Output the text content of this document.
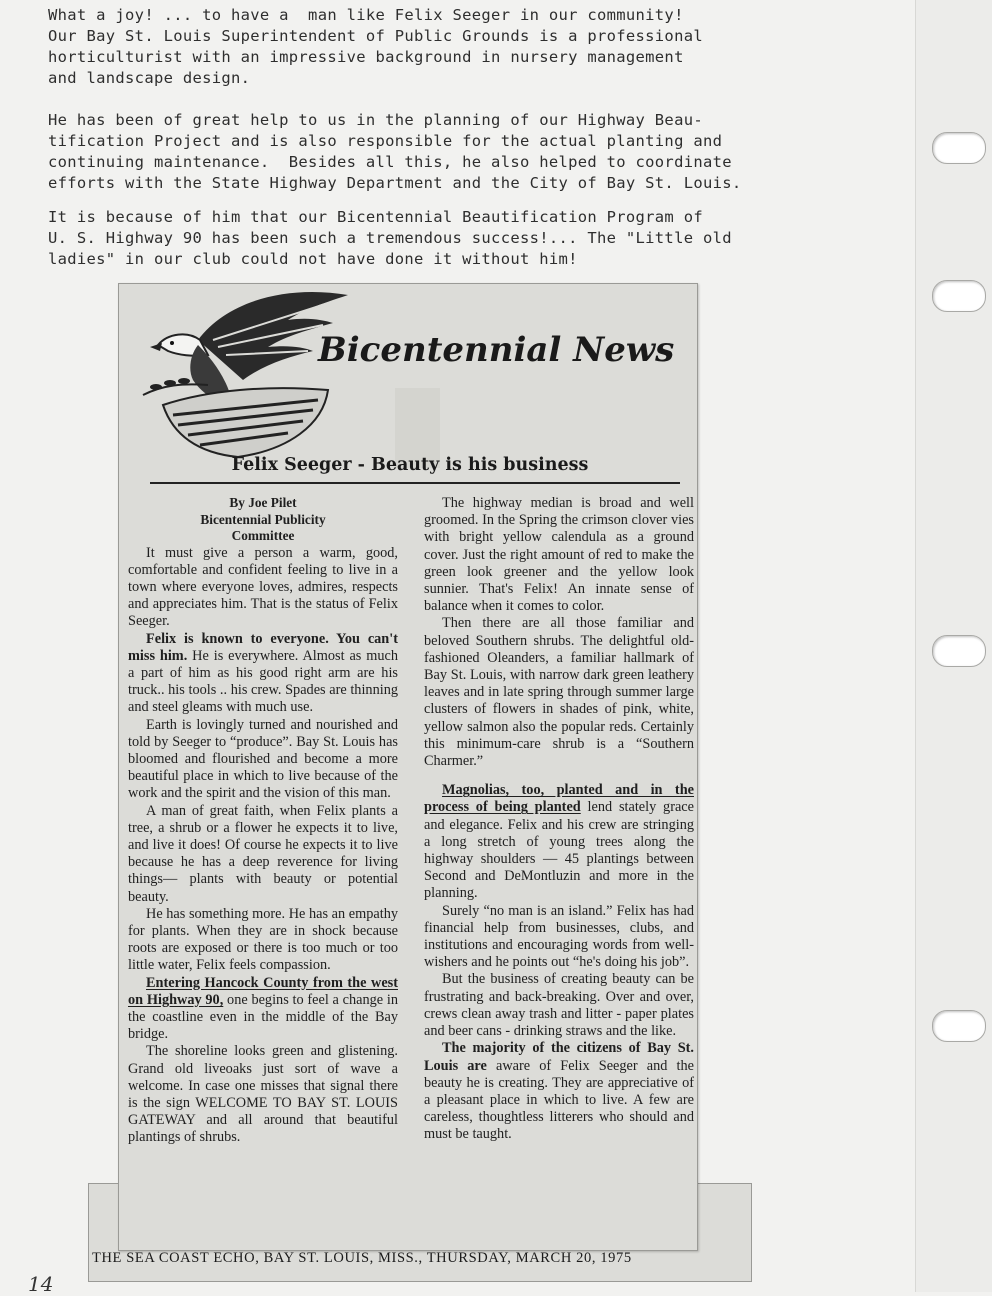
What a joy! ... to have a  man like Felix Seeger in our community!

Our Bay St. Louis Superintendent of Public Grounds is a professional

horticulturist with an impressive background in nursery management

and landscape design.

He has been of great help to us in the planning of our Highway Beau-

tification Project and is also responsible for the actual planting and

continuing maintenance.  Besides all this, he also helped to coordinate

efforts with the State Highway Department and the City of Bay St. Louis.

It is because of him that our Bicentennial Beautification Program of

U. S. Highway 90 has been such a tremendous success!... The "Little old

ladies" in our club could not have done it without him!

Bicentennial News
Felix Seeger - Beauty is his business

By Joe Pilet
Bicentennial Publicity
Committee

It must give a person a warm, good, comfortable and confident feeling to live in a town where everyone loves, admires, respects and appreciates him. That is the status of Felix Seeger.

Felix is known to everyone. You can't miss him. He is everywhere. Almost as much a part of him as his good right arm are his truck.. his tools .. his crew. Spades are thinning and steel gleams with much use.

Earth is lovingly turned and nourished and told by Seeger to “produce”. Bay St. Louis has bloomed and flourished and become a more beautiful place in which to live because of the work and the spirit and the vision of this man.

A man of great faith, when Felix plants a tree, a shrub or a flower he expects it to live, and live it does! Of course he expects it to live because he has a deep reverence for living things— plants with beauty or potential beauty.

He has something more. He has an empathy for plants. When they are in shock because roots are exposed or there is too much or too little water, Felix feels compassion.

Entering Hancock County from the west on Highway 90, one begins to feel a change in the coastline even in the middle of the Bay bridge.

The shoreline looks green and glistening. Grand old liveoaks just sort of wave a welcome. In case one misses that signal there is the sign WELCOME TO BAY ST. LOUIS GATEWAY and all around that beautiful plantings of shrubs.

The highway median is broad and well groomed. In the Spring the crimson clover vies with bright yellow calendula as a ground cover. Just the right amount of red to make the green look greener and the yellow look sunnier. That's Felix! An innate sense of balance when it comes to color.

Then there are all those familiar and beloved Southern shrubs. The delightful old-fashioned Oleanders, a familiar hallmark of Bay St. Louis, with narrow dark green leathery leaves and in late spring through summer large clusters of flowers in shades of pink, white, yellow salmon also the popular reds. Certainly this minimum-care shrub is a “Southern Charmer.”

Magnolias, too, planted and in the process of being planted lend stately grace and elegance. Felix and his crew are stringing a long stretch of young trees along the highway shoulders — 45 plantings between Second and DeMontluzin and more in the planning.

Surely “no man is an island.” Felix has had financial help from businesses, clubs, and institutions and encouraging words from well-wishers and he points out “he's doing his job”.

But the business of creating beauty can be frustrating and back-breaking. Over and over, crews clean away trash and litter - paper plates and beer cans - drinking straws and the like.

The majority of the citizens of Bay St. Louis are aware of Felix Seeger and the beauty he is creating. They are appreciative of a pleasant place in which to live. A few are careless, thoughtless litterers who should and must be taught.

THE SEA COAST ECHO, BAY ST. LOUIS, MISS., THURSDAY, MARCH 20, 1975

14
